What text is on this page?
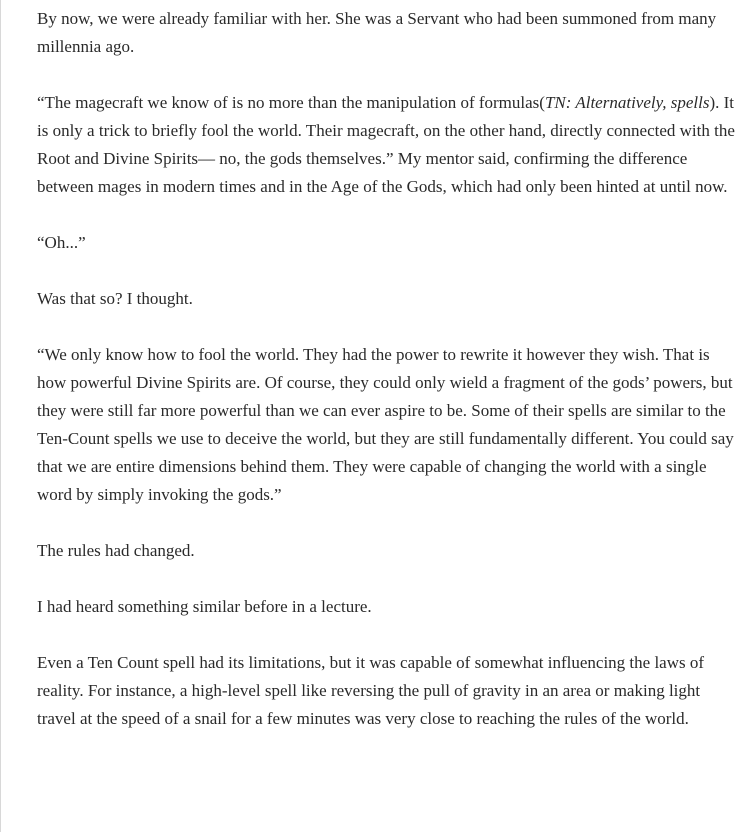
By now, we were already familiar with her. She was a Servant who had been summoned from many millennia ago.

“The magecraft we know of is no more than the manipulation of formulas(TN: Alternatively, spells). It is only a trick to briefly fool the world. Their magecraft, on the other hand, directly connected with the Root and Divine Spirits— no, the gods themselves.” My mentor said, confirming the difference between mages in modern times and in the Age of the Gods, which had only been hinted at until now.

“Oh...”

Was that so? I thought.

“We only know how to fool the world. They had the power to rewrite it however they wish. That is how powerful Divine Spirits are. Of course, they could only wield a fragment of the gods’ powers, but they were still far more powerful than we can ever aspire to be. Some of their spells are similar to the Ten-Count spells we use to deceive the world, but they are still fundamentally different. You could say that we are entire dimensions behind them. They were capable of changing the world with a single word by simply invoking the gods.”

The rules had changed.

I had heard something similar before in a lecture.

Even a Ten Count spell had its limitations, but it was capable of somewhat influencing the laws of reality. For instance, a high-level spell like reversing the pull of gravity in an area or making light travel at the speed of a snail for a few minutes was very close to reaching the rules of the world.
